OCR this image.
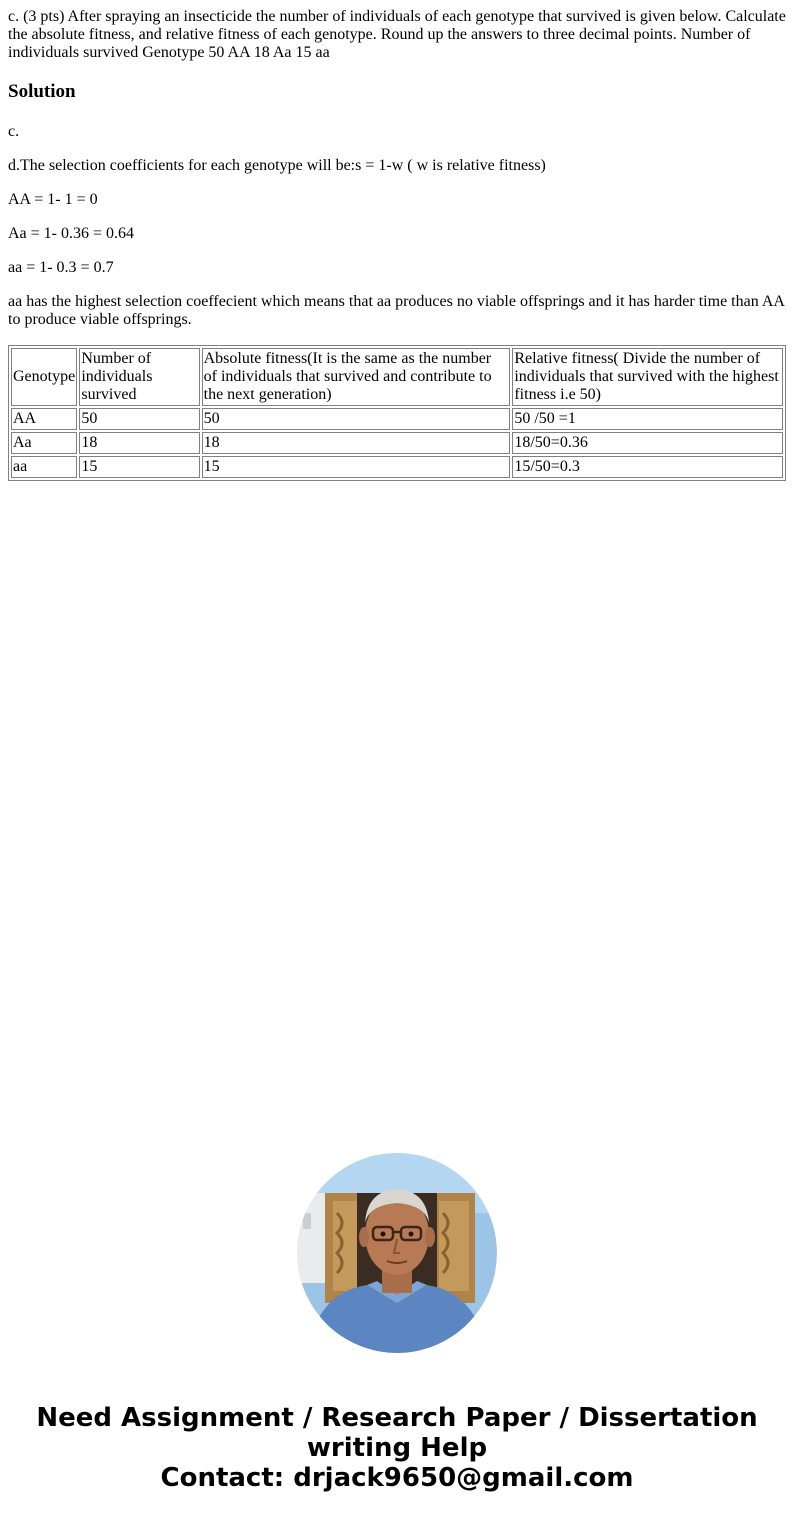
c. (3 pts) After spraying an insecticide the number of individuals of each genotype that survived is given below. Calculate the absolute fitness, and relative fitness of each genotype. Round up the answers to three decimal points. Number of individuals survived Genotype 50 AA 18 Aa 15 aa

Solution

c.

d.The selection coefficients for each genotype will be:s = 1-w ( w is relative fitness)

AA = 1- 1 = 0

Aa = 1- 0.36 = 0.64

aa = 1- 0.3 = 0.7

aa has the highest selection coeffecient which means that aa produces no viable offsprings and it has harder time than AA to produce viable offsprings.

Genotype	Number of individuals survived	Absolute fitness(It is the same as the number of individuals that survived and contribute to the next generation)	Relative fitness( Divide the number of individuals that survived with the highest fitness i.e 50)
AA	50	50	50 /50 =1
Aa	18	18	18/50=0.36
aa	15	15	15/50=0.3
Need Assignment / Research Paper / Dissertation
writing Help
Contact: drjack9650@gmail.com
